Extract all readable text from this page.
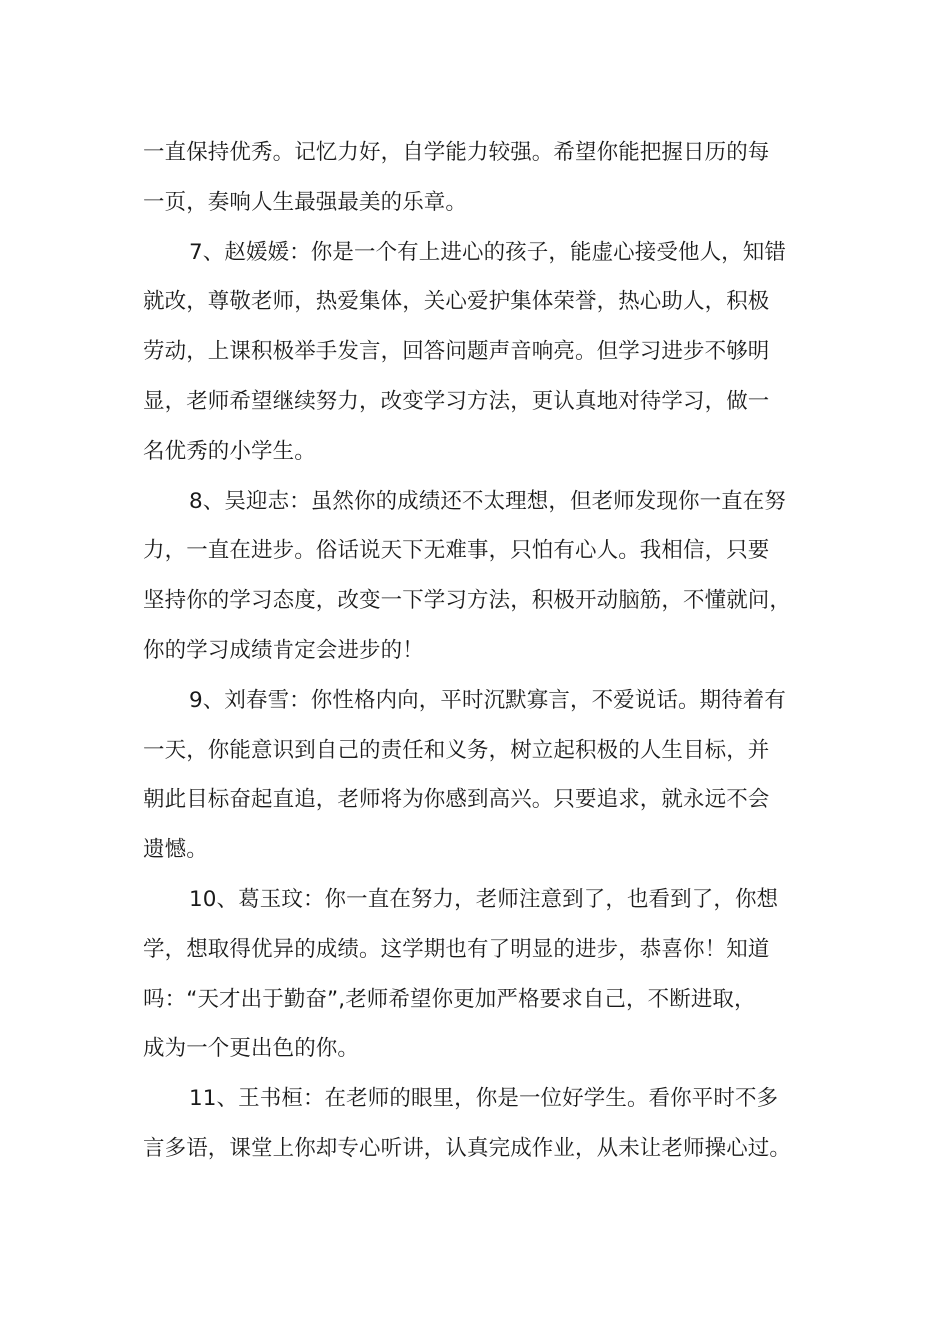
一直保持优秀。记忆力好，自学能力较强。希望你能把握日历的每
一页，奏响人生最强最美的乐章。

7、赵媛媛：你是一个有上进心的孩子，能虚心接受他人，知错
就改，尊敬老师，热爱集体，关心爱护集体荣誉，热心助人，积极
劳动，上课积极举手发言，回答问题声音响亮。但学习进步不够明
显，老师希望继续努力，改变学习方法，更认真地对待学习，做一
名优秀的小学生。

8、吴迎志：虽然你的成绩还不太理想，但老师发现你一直在努
力，一直在进步。俗话说天下无难事，只怕有心人。我相信，只要
坚持你的学习态度，改变一下学习方法，积极开动脑筋，不懂就问，
你的学习成绩肯定会进步的！

9、刘春雪：你性格内向，平时沉默寡言，不爱说话。期待着有
一天，你能意识到自己的责任和义务，树立起积极的人生目标，并
朝此目标奋起直追，老师将为你感到高兴。只要追求，就永远不会
遗憾。

10、葛玉玟：你一直在努力，老师注意到了，也看到了，你想
学，想取得优异的成绩。这学期也有了明显的进步，恭喜你！知道
吗：“天才出于勤奋”,老师希望你更加严格要求自己，不断进取，
成为一个更出色的你。

11、王书桓：在老师的眼里，你是一位好学生。看你平时不多
言多语，课堂上你却专心听讲，认真完成作业，从未让老师操心过。
